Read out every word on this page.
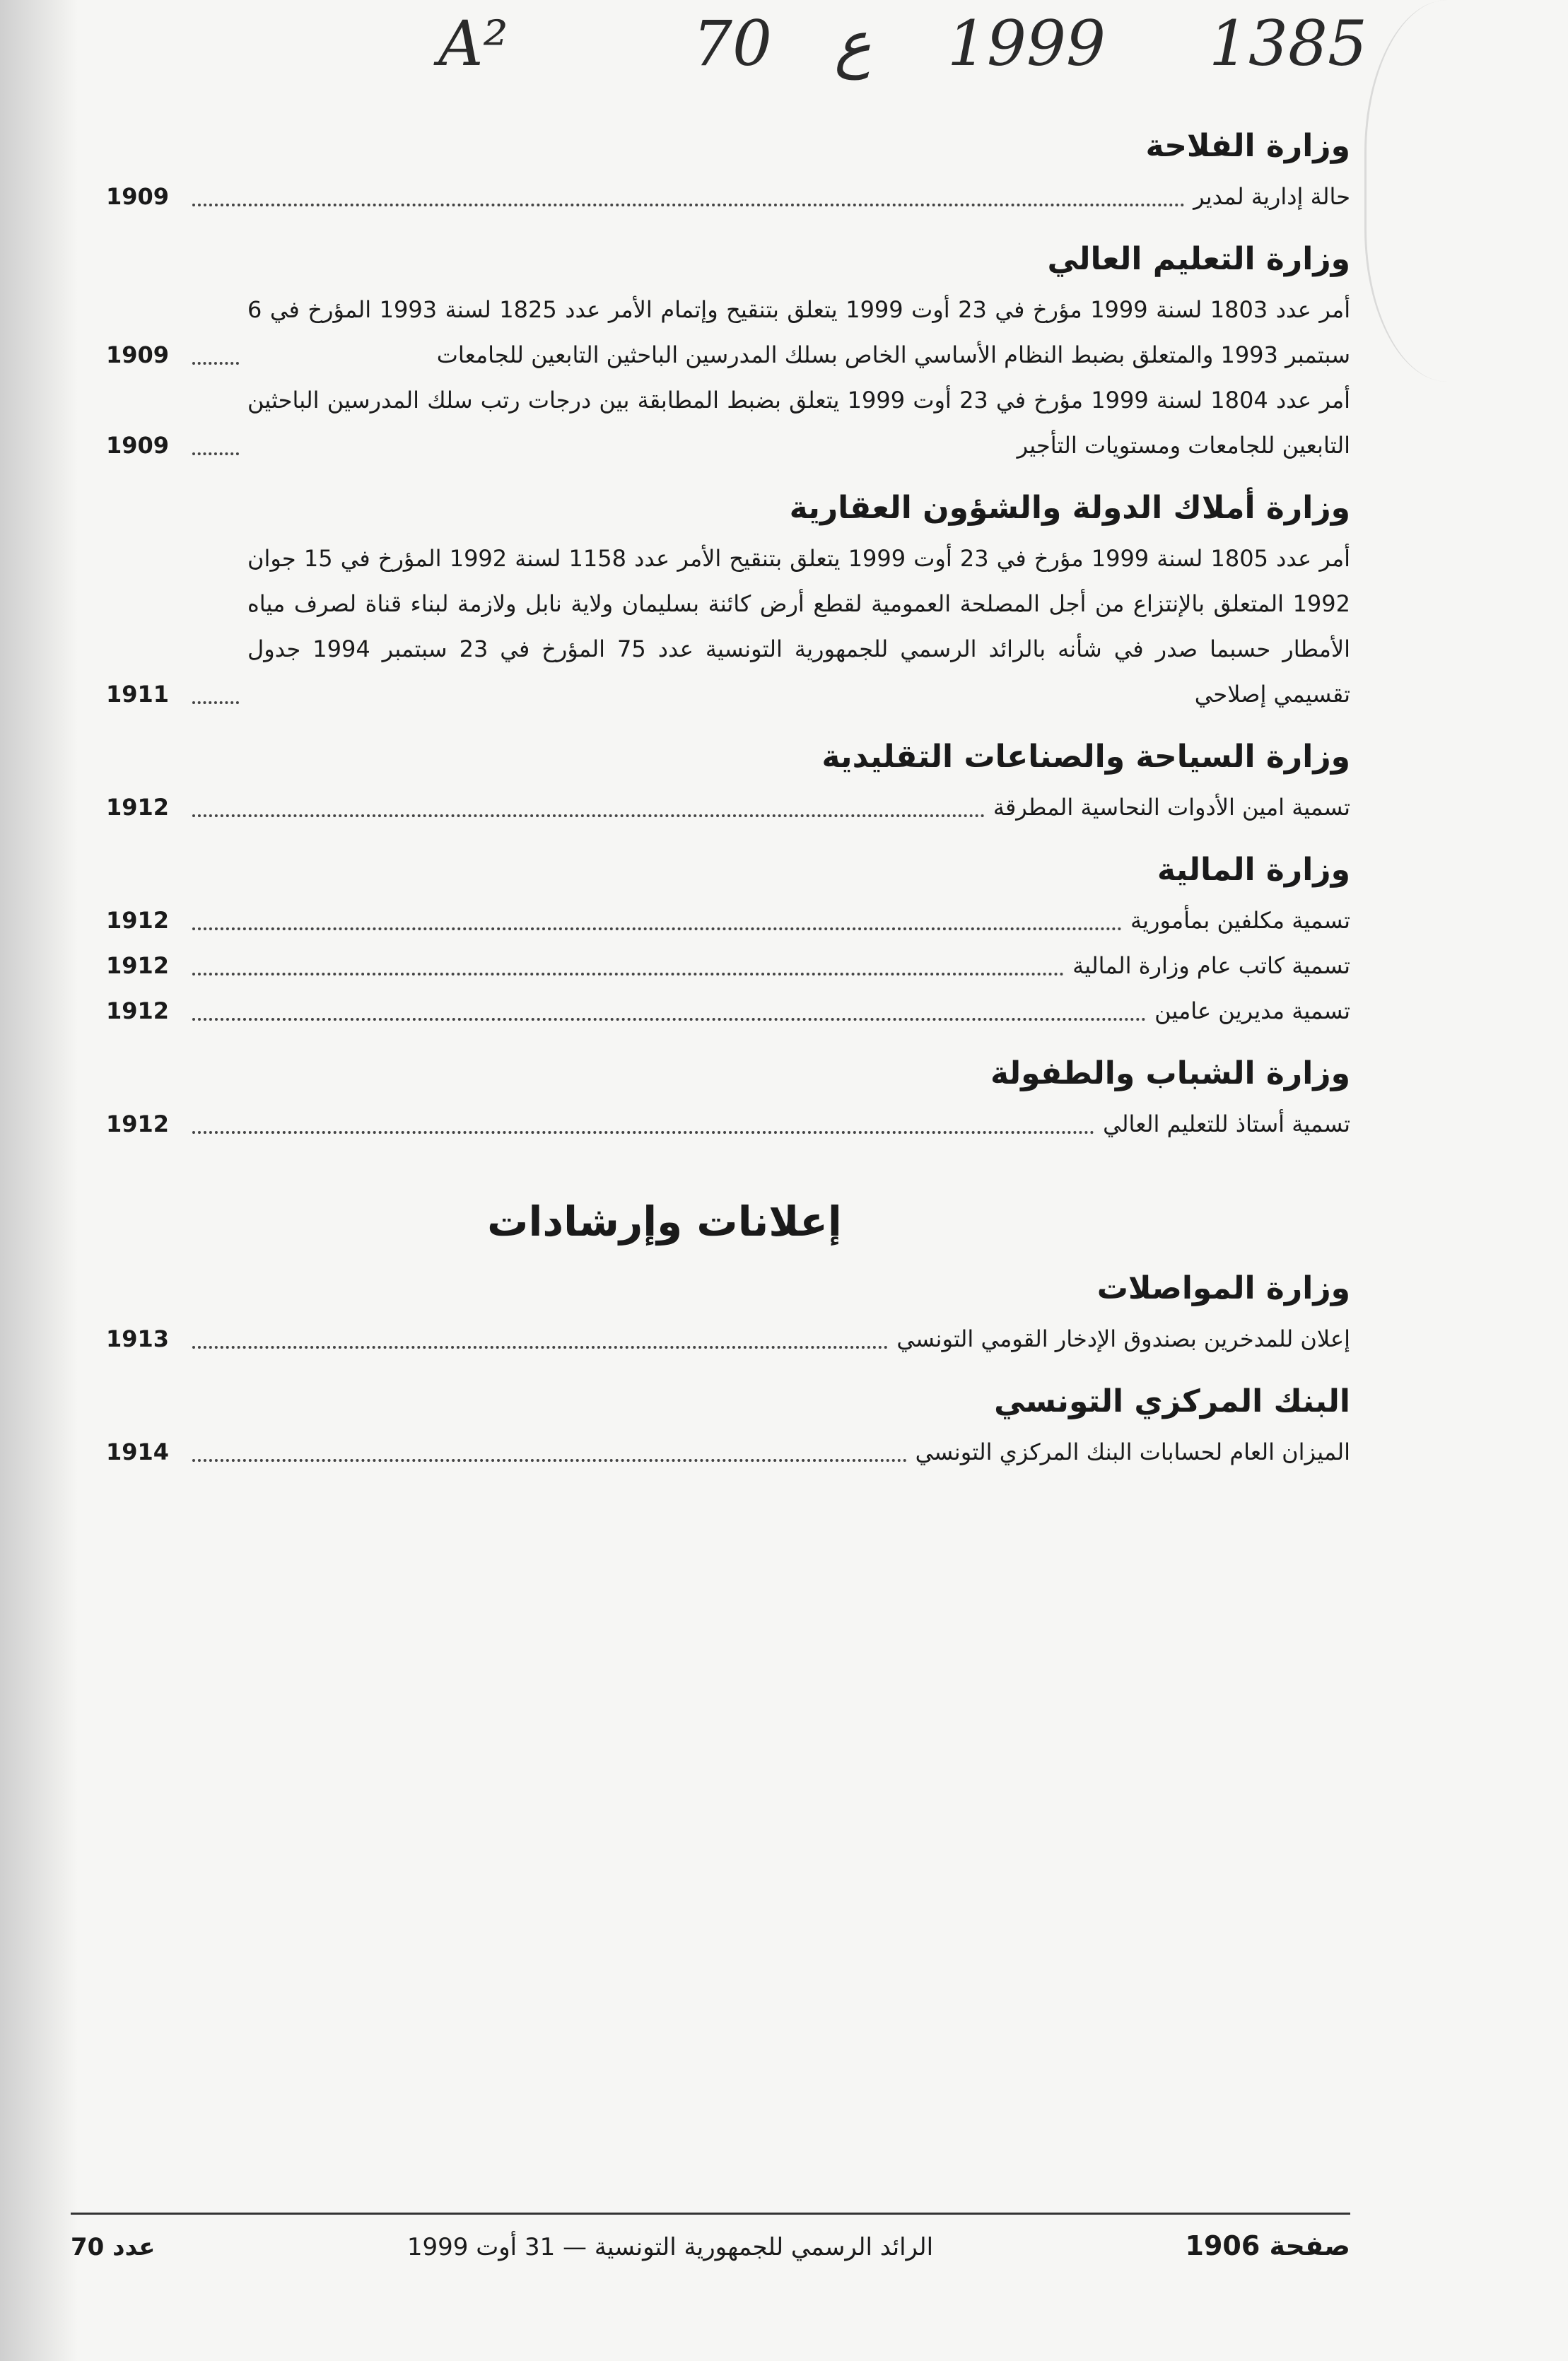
A²	70 ع 1999 1385
وزارة الفلاحة
حالة إدارية لمدير
1909
وزارة التعليم العالي
أمر عدد 1803 لسنة 1999 مؤرخ في 23 أوت 1999 يتعلق بتنقيح وإتمام الأمر عدد 1825 لسنة 1993 المؤرخ في 6 سبتمبر 1993 والمتعلق بضبط النظام الأساسي الخاص بسلك المدرسين الباحثين التابعين للجامعات
1909
أمر عدد 1804 لسنة 1999 مؤرخ في 23 أوت 1999 يتعلق بضبط المطابقة بين درجات رتب سلك المدرسين الباحثين التابعين للجامعات ومستويات التأجير
1909
وزارة أملاك الدولة والشؤون العقارية
أمر عدد 1805 لسنة 1999 مؤرخ في 23 أوت 1999 يتعلق بتنقيح الأمر عدد 1158 لسنة 1992 المؤرخ في 15 جوان 1992 المتعلق بالإنتزاع من أجل المصلحة العمومية لقطع أرض كائنة بسليمان ولاية نابل ولازمة لبناء قناة لصرف مياه الأمطار حسبما صدر في شأنه بالرائد الرسمي للجمهورية التونسية عدد 75 المؤرخ في 23 سبتمبر 1994 جدول تقسيمي إصلاحي
1911
وزارة السياحة والصناعات التقليدية
تسمية امين الأدوات النحاسية المطرقة
1912
وزارة المالية
تسمية مكلفين بمأمورية
1912
تسمية كاتب عام وزارة المالية
1912
تسمية مديرين عامين
1912
وزارة الشباب والطفولة
تسمية أستاذ للتعليم العالي
1912
إعلانات وإرشادات
وزارة المواصلات
إعلان للمدخرين بصندوق الإدخار القومي التونسي
1913
البنك المركزي التونسي
الميزان العام لحسابات البنك المركزي التونسي
1914
صفحة 1906
الرائد الرسمي للجمهورية التونسية — 31 أوت 1999
عدد 70
